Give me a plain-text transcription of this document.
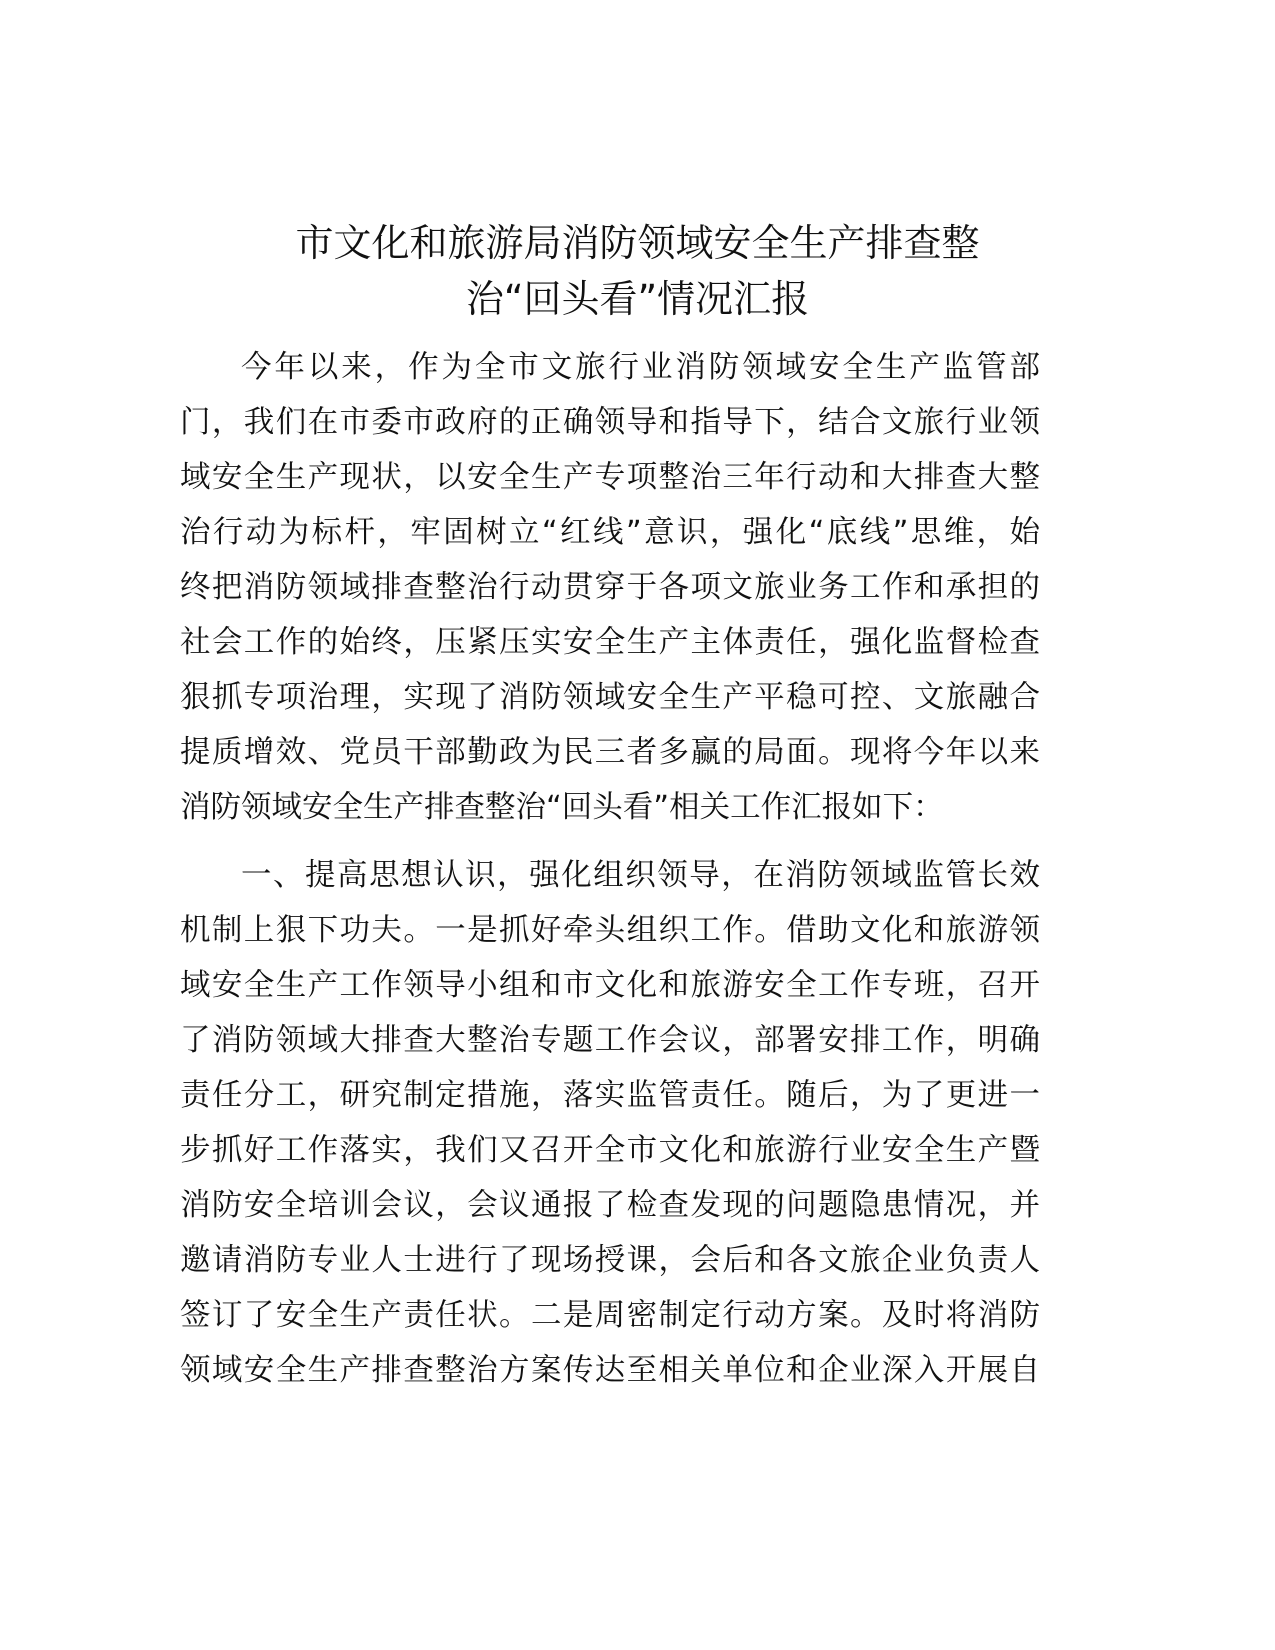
市文化和旅游局消防领域安全生产排查整
治“回头看”情况汇报
今年以来，作为全市文旅行业消防领域安全生产监管部
门，我们在市委市政府的正确领导和指导下，结合文旅行业领
域安全生产现状，以安全生产专项整治三年行动和大排查大整
治行动为标杆，牢固树立“红线”意识，强化“底线”思维，始
终把消防领域排查整治行动贯穿于各项文旅业务工作和承担的
社会工作的始终，压紧压实安全生产主体责任，强化监督检查
狠抓专项治理，实现了消防领域安全生产平稳可控、文旅融合
提质增效、党员干部勤政为民三者多赢的局面。现将今年以来
消防领域安全生产排查整治“回头看”相关工作汇报如下：
一、提高思想认识，强化组织领导，在消防领域监管长效
机制上狠下功夫。一是抓好牵头组织工作。借助文化和旅游领
域安全生产工作领导小组和市文化和旅游安全工作专班，召开
了消防领域大排查大整治专题工作会议，部署安排工作，明确
责任分工，研究制定措施，落实监管责任。随后，为了更进一
步抓好工作落实，我们又召开全市文化和旅游行业安全生产暨
消防安全培训会议，会议通报了检查发现的问题隐患情况，并
邀请消防专业人士进行了现场授课，会后和各文旅企业负责人
签订了安全生产责任状。二是周密制定行动方案。及时将消防
领域安全生产排查整治方案传达至相关单位和企业深入开展自
